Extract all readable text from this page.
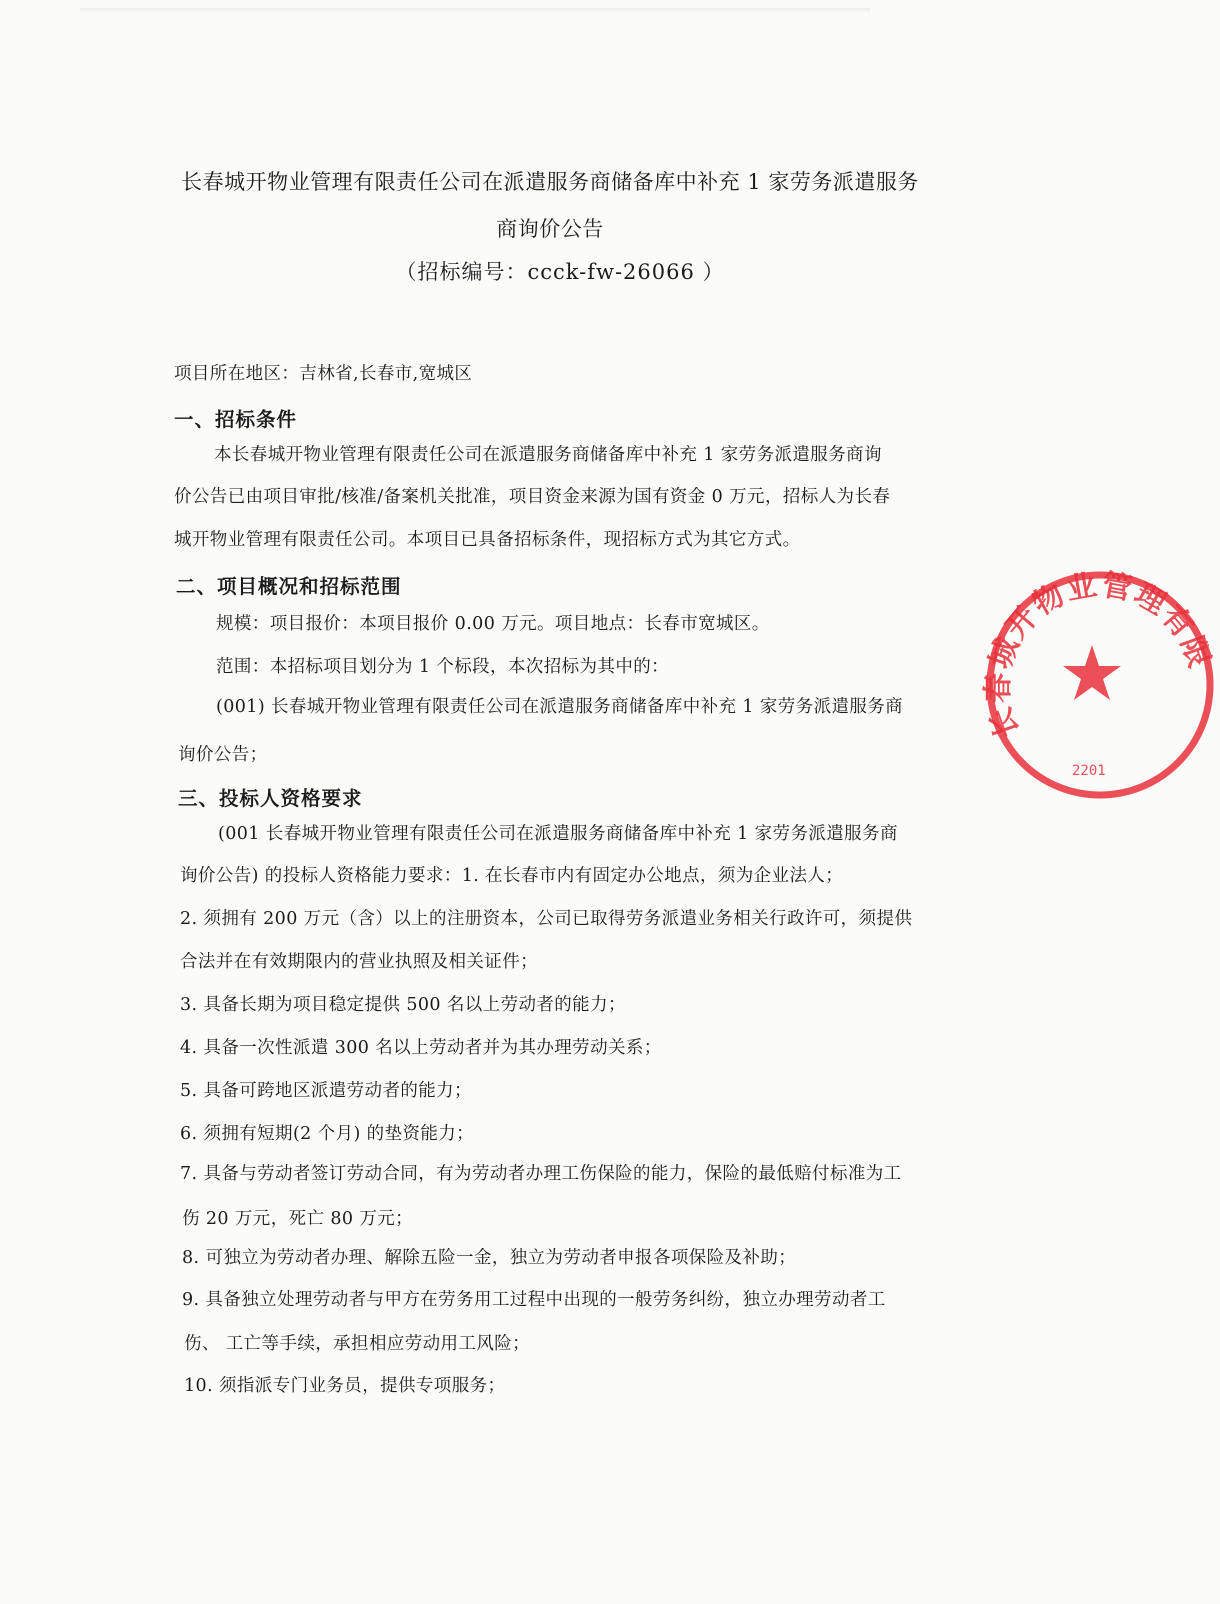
长春城开物业管理有限责任公司在派遣服务商储备库中补充 1 家劳务派遣服务
商询价公告
（招标编号：ccck-fw-26066 ）
项目所在地区：吉林省,长春市,宽城区
一、招标条件
本长春城开物业管理有限责任公司在派遣服务商储备库中补充 1 家劳务派遣服务商询
价公告已由项目审批/核准/备案机关批准，项目资金来源为国有资金 0 万元，招标人为长春
城开物业管理有限责任公司。本项目已具备招标条件，现招标方式为其它方式。
二、项目概况和招标范围
规模：项目报价：本项目报价 0.00 万元。项目地点：长春市宽城区。
范围：本招标项目划分为 1 个标段，本次招标为其中的：
(001) 长春城开物业管理有限责任公司在派遣服务商储备库中补充 1 家劳务派遣服务商
询价公告；
三、投标人资格要求
(001 长春城开物业管理有限责任公司在派遣服务商储备库中补充 1 家劳务派遣服务商
询价公告) 的投标人资格能力要求：1. 在长春市内有固定办公地点，须为企业法人；
2. 须拥有 200 万元（含）以上的注册资本，公司已取得劳务派遣业务相关行政许可，须提供
合法并在有效期限内的营业执照及相关证件；
3. 具备长期为项目稳定提供 500 名以上劳动者的能力；
4. 具备一次性派遣 300 名以上劳动者并为其办理劳动关系；
5. 具备可跨地区派遣劳动者的能力；
6. 须拥有短期(2 个月) 的垫资能力；
7. 具备与劳动者签订劳动合同，有为劳动者办理工伤保险的能力，保险的最低赔付标准为工
伤 20 万元，死亡 80 万元；
8. 可独立为劳动者办理、解除五险一金，独立为劳动者申报各项保险及补助；
9. 具备独立处理劳动者与甲方在劳务用工过程中出现的一般劳务纠纷，独立办理劳动者工
伤、 工亡等手续，承担相应劳动用工风险；
10. 须指派专门业务员，提供专项服务；
长春城开物业管理有限
2201
